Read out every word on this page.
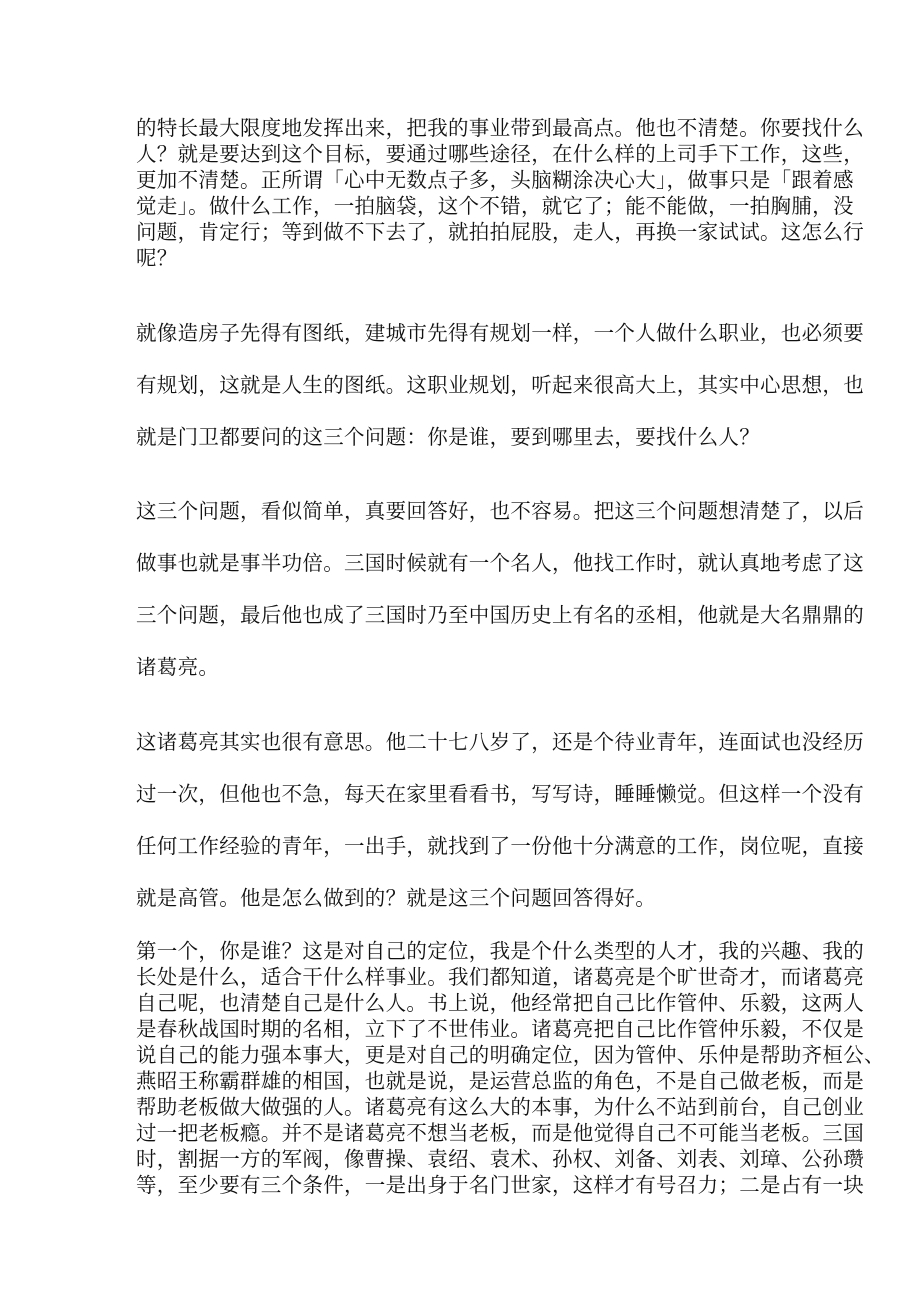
的特长最大限度地发挥出来，把我的事业带到最高点。他也不清楚。你要找什么
人？就是要达到这个目标，要通过哪些途径，在什么样的上司手下工作，这些，
更加不清楚。正所谓「心中无数点子多，头脑糊涂决心大」，做事只是「跟着感
觉走」。做什么工作，一拍脑袋，这个不错，就它了；能不能做，一拍胸脯，没
问题，肯定行；等到做不下去了，就拍拍屁股，走人，再换一家试试。这怎么行
呢？
就像造房子先得有图纸，建城市先得有规划一样，一个人做什么职业，也必须要
有规划，这就是人生的图纸。这职业规划，听起来很高大上，其实中心思想，也
就是门卫都要问的这三个问题：你是谁，要到哪里去，要找什么人？
这三个问题，看似简单，真要回答好，也不容易。把这三个问题想清楚了，以后
做事也就是事半功倍。三国时候就有一个名人，他找工作时，就认真地考虑了这
三个问题，最后他也成了三国时乃至中国历史上有名的丞相，他就是大名鼎鼎的
诸葛亮。
这诸葛亮其实也很有意思。他二十七八岁了，还是个待业青年，连面试也没经历
过一次，但他也不急，每天在家里看看书，写写诗，睡睡懒觉。但这样一个没有
任何工作经验的青年，一出手，就找到了一份他十分满意的工作，岗位呢，直接
就是高管。他是怎么做到的？就是这三个问题回答得好。
第一个，你是谁？这是对自己的定位，我是个什么类型的人才，我的兴趣、我的
长处是什么，适合干什么样事业。我们都知道，诸葛亮是个旷世奇才，而诸葛亮
自己呢，也清楚自己是什么人。书上说，他经常把自己比作管仲、乐毅，这两人
是春秋战国时期的名相，立下了不世伟业。诸葛亮把自己比作管仲乐毅，不仅是
说自己的能力强本事大，更是对自己的明确定位，因为管仲、乐仲是帮助齐桓公、
燕昭王称霸群雄的相国，也就是说，是运营总监的角色，不是自己做老板，而是
帮助老板做大做强的人。诸葛亮有这么大的本事，为什么不站到前台，自己创业
过一把老板瘾。并不是诸葛亮不想当老板，而是他觉得自己不可能当老板。三国
时，割据一方的军阀，像曹操、袁绍、袁术、孙权、刘备、刘表、刘璋、公孙瓒
等，至少要有三个条件，一是出身于名门世家，这样才有号召力；二是占有一块
